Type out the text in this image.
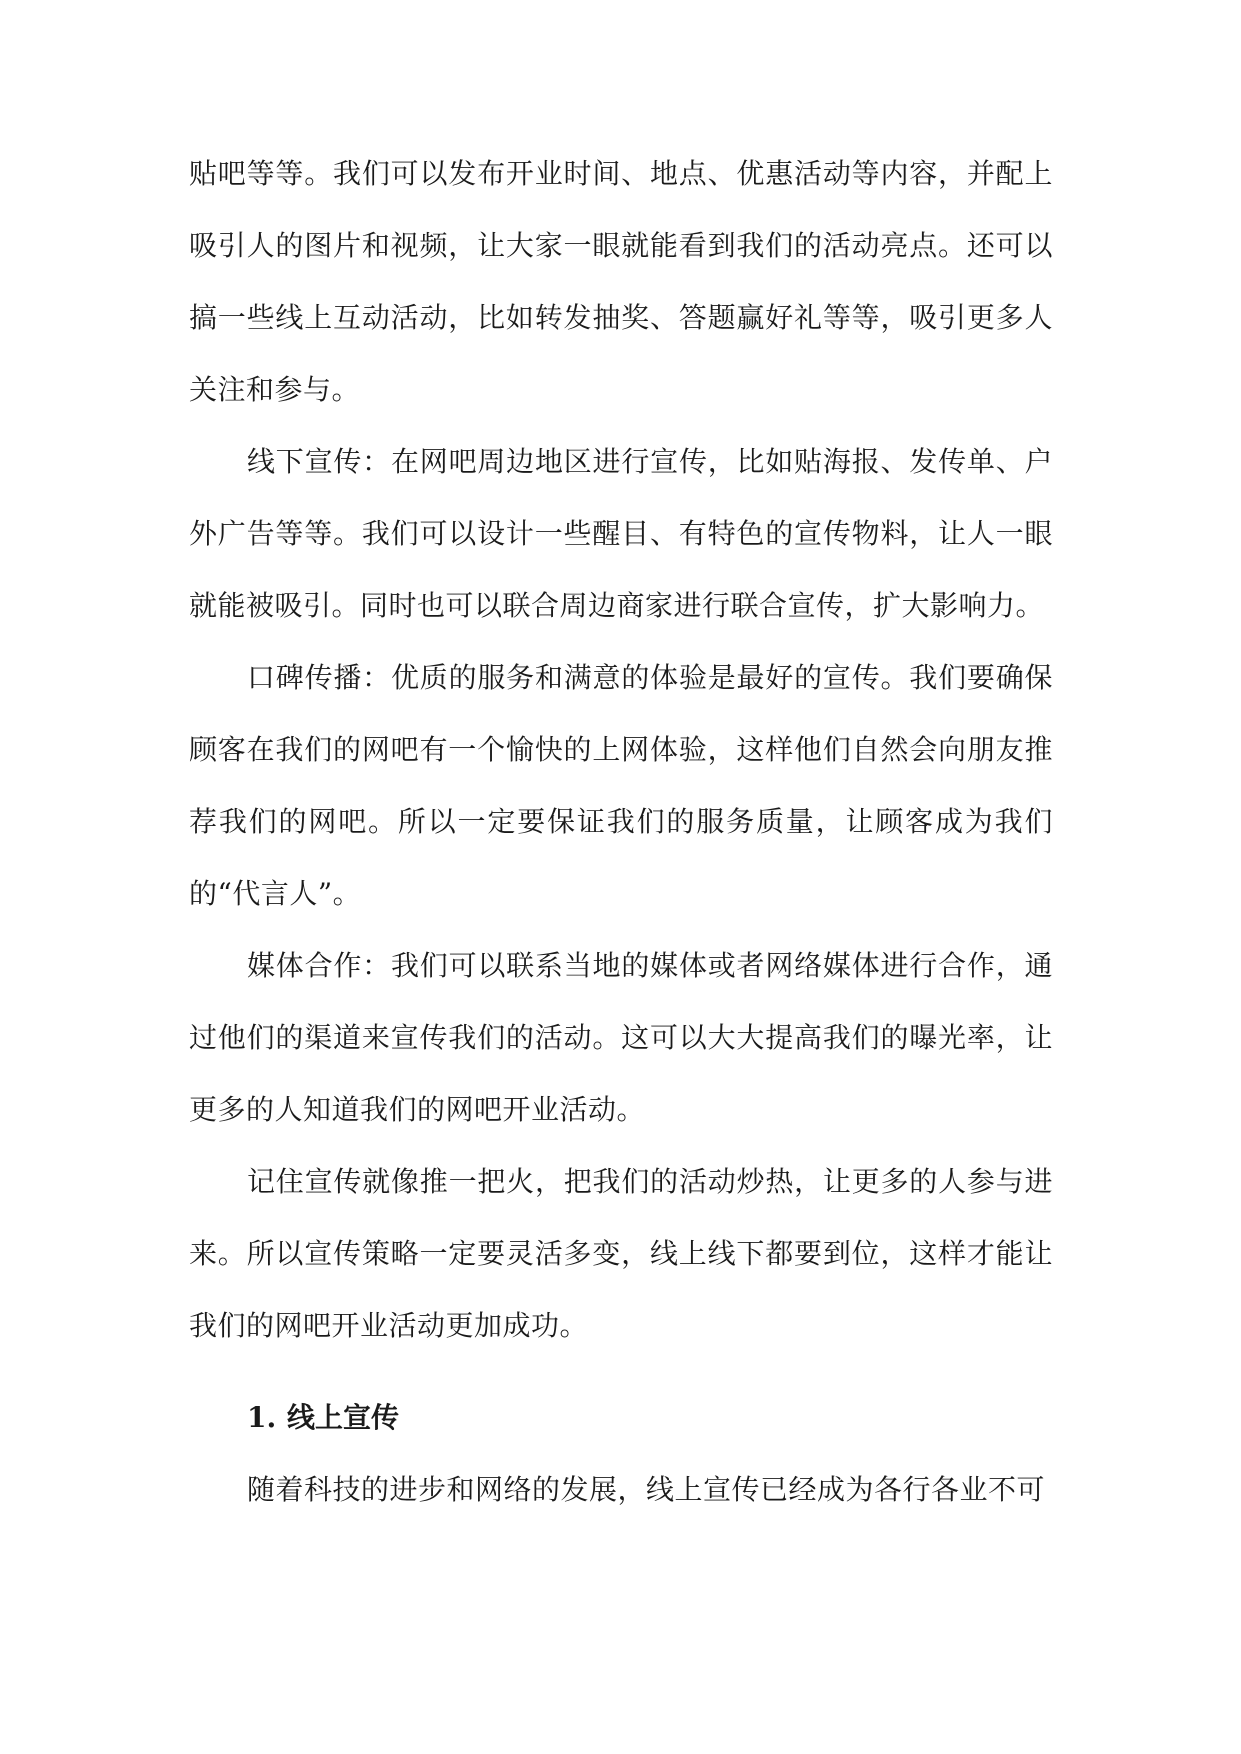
贴吧等等。我们可以发布开业时间、地点、优惠活动等内容，并配上吸引人的图片和视频，让大家一眼就能看到我们的活动亮点。还可以搞一些线上互动活动，比如转发抽奖、答题赢好礼等等，吸引更多人关注和参与。

线下宣传：在网吧周边地区进行宣传，比如贴海报、发传单、户外广告等等。我们可以设计一些醒目、有特色的宣传物料，让人一眼就能被吸引。同时也可以联合周边商家进行联合宣传，扩大影响力。

口碑传播：优质的服务和满意的体验是最好的宣传。我们要确保顾客在我们的网吧有一个愉快的上网体验，这样他们自然会向朋友推荐我们的网吧。所以一定要保证我们的服务质量，让顾客成为我们的“代言人”。

媒体合作：我们可以联系当地的媒体或者网络媒体进行合作，通过他们的渠道来宣传我们的活动。这可以大大提高我们的曝光率，让更多的人知道我们的网吧开业活动。

记住宣传就像推一把火，把我们的活动炒热，让更多的人参与进来。所以宣传策略一定要灵活多变，线上线下都要到位，这样才能让我们的网吧开业活动更加成功。

1. 线上宣传

随着科技的进步和网络的发展，线上宣传已经成为各行各业不可
